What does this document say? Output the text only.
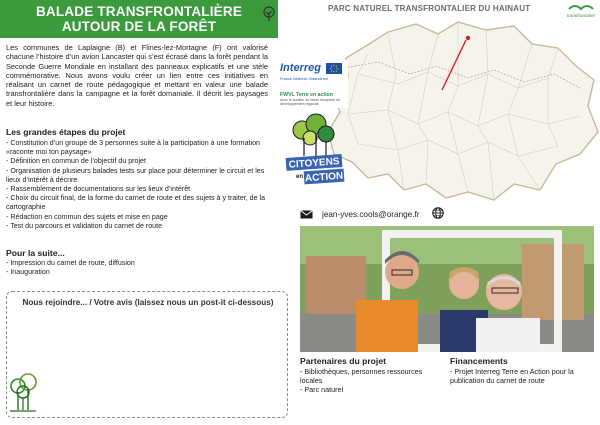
BALADE TRANSFRONTALIÈRE
AUTOUR DE LA FORÊT
Les communes de Laplaigne (B) et Flines-lez-Mortagne (F) ont valorisé chacune l’histoire d’un avion Lancaster qui s’est écrasé dans la forêt pendant la Seconde Guerre Mondiale en installant des panneaux explicatifs et une stèle commémorative. Nous avons voulu créer un lien entre ces initiatives en réalisant un carnet de route pédagogique et mettant en valeur une balade transfrontalière dans la campagne et la forêt domaniale. Il décrit les paysages et leur histoire.
Les grandes étapes du projet
- Constitution d’un groupe de 3 personnes suite à la participation à une formation «raconte moi ton paysage»
- Définition en commun de l’objectif du projet
- Organisation de plusieurs balades tests sur place pour déterminer le circuit et les lieux d’intérêt à décrire
- Rassemblement de documentations sur les lieux d’intérêt
- Choix du circuit final, de la forme du carnet de route et des sujets à y traiter, de la cartographie
- Rédaction en commun des sujets et mise en page
- Test du parcours et validation du carnet de route
Pour la suite...
- Impression du carnet de route, diffusion
- Inauguration
Nous rejoindre... / Votre avis (laissez nous un post-it ci-dessous)
PARC NATUREL TRANSFRONTALIER DU HAINAUT
transfrontalier
Interreg
France-Wallonie-Vlaanderen
FWVL Terre en action
Avec le soutien du fonds européen de développement régional
CITOYENS
en ACTION
jean-yves.cools@orange.fr
Partenaires du projet
- Bibliothèques, personnes ressources locales
- Parc naturel
Financements
- Projet Interreg Terre en Action pour la publication du carnet de route
